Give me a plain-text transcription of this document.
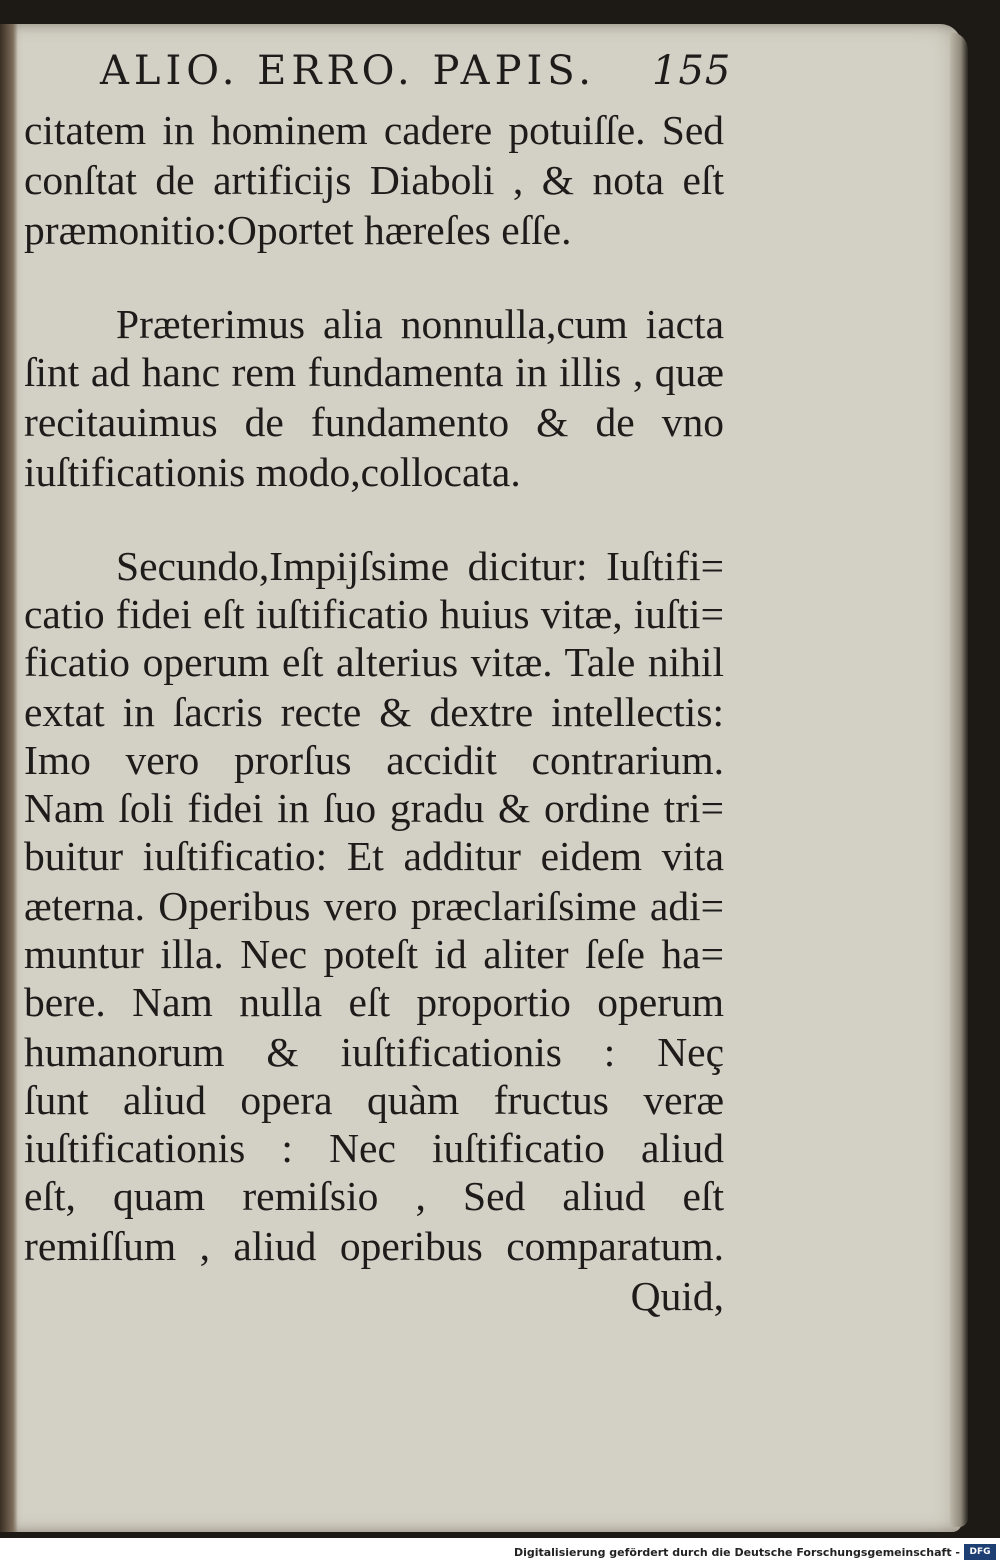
ALIO. ERRO. PAPIS. 155
citatem in hominem cadere potuiſſe. Sed
conſtat de artificijs Diaboli , & nota eſt
præmonitio:Oportet hæreſes eſſe.
Præterimus alia nonnulla,cum iacta
ſint ad hanc rem fundamenta in illis , quæ
recitauimus de fundamento & de vno
iuſtificationis modo,collocata.
Secundo,Impijſsime dicitur: Iuſtifi=
catio fidei eſt iuſtificatio huius vitæ, iuſti=
ficatio operum eſt alterius vitæ. Tale nihil
extat in ſacris recte & dextre intellectis:
Imo vero prorſus accidit contrarium.
Nam ſoli fidei in ſuo gradu & ordine tri=
buitur iuſtificatio: Et additur eidem vita
æterna. Operibus vero præclariſsime adi=
muntur illa. Nec poteſt id aliter ſeſe ha=
bere. Nam nulla eſt proportio operum
humanorum & iuſtificationis : Neç
ſunt aliud opera quàm fructus veræ
iuſtificationis : Nec iuſtificatio aliud
eſt, quam remiſsio , Sed aliud eſt
remiſſum , aliud operibus comparatum.
Quid,
Digitalisierung gefördert durch die Deutsche Forschungsgemeinschaft -	DFG
